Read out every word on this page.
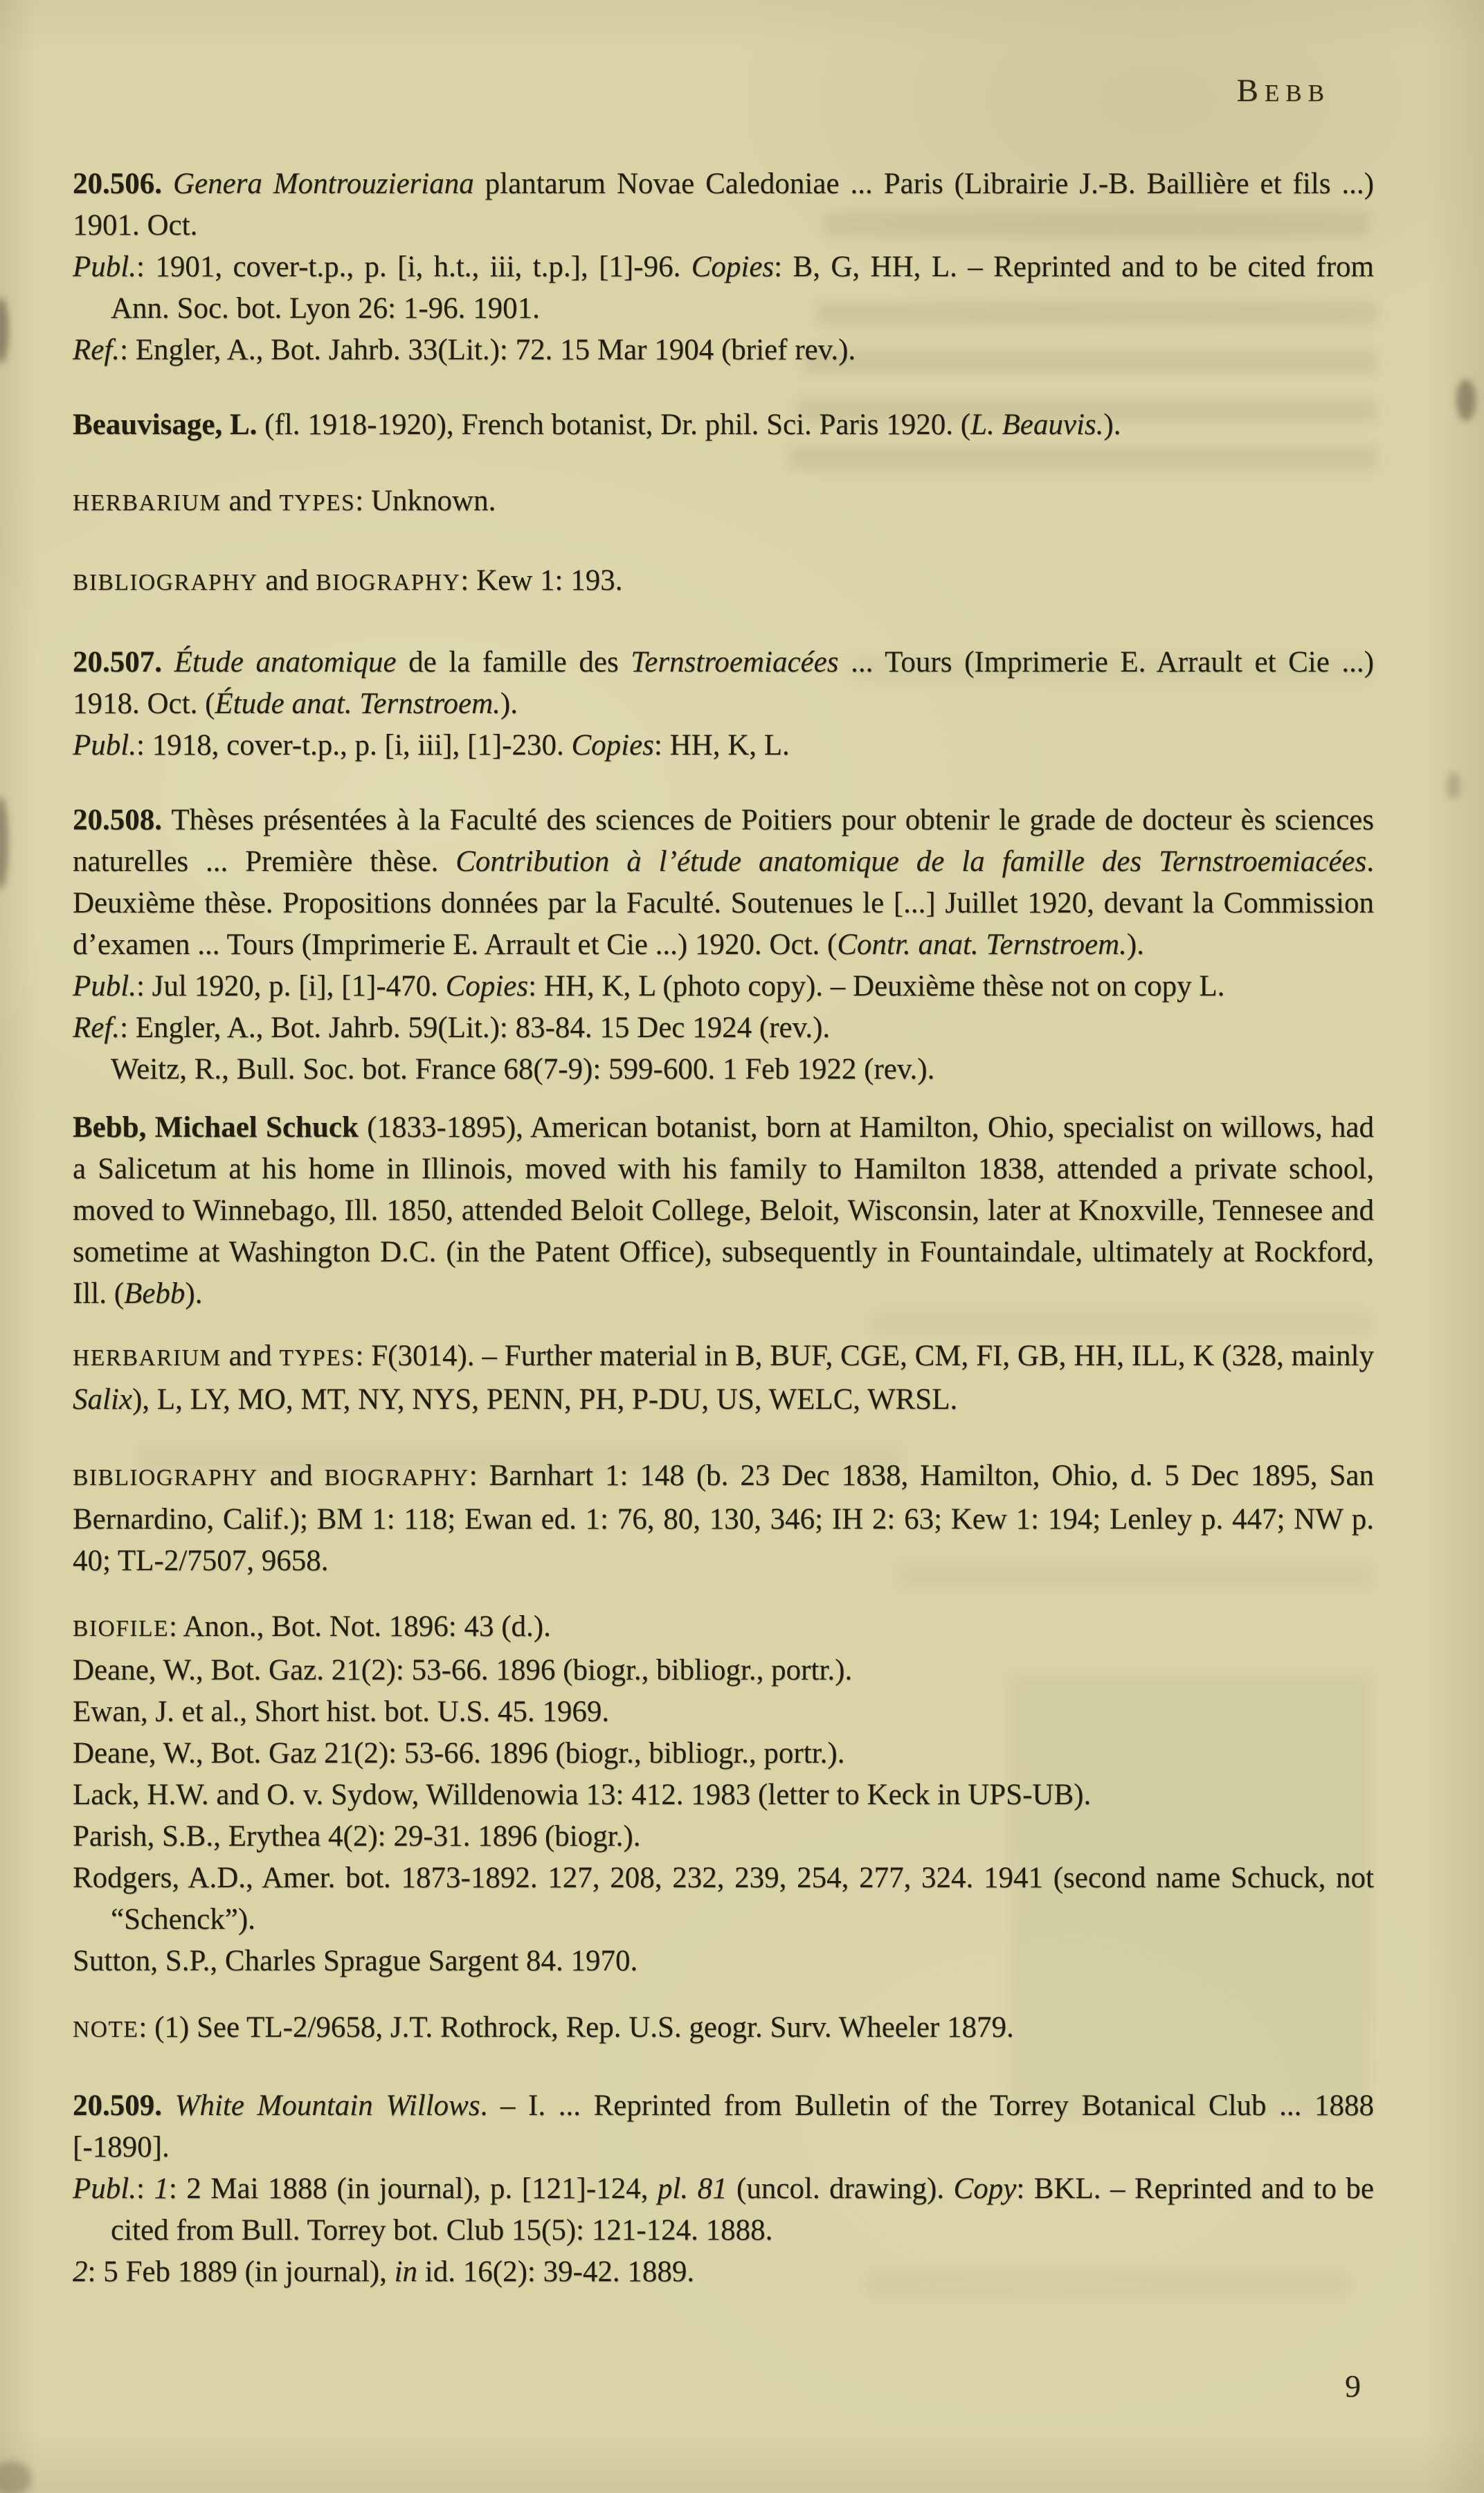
BEBB

20.506. Genera Montrouzieriana plantarum Novae Caledoniae ... Paris (Librairie J.-B. Baillière et fils ...) 1901. Oct.

Publ.: 1901, cover-t.p., p. [i, h.t., iii, t.p.], [1]-96. Copies: B, G, HH, L. – Reprinted and to be cited from Ann. Soc. bot. Lyon 26: 1-96. 1901.

Ref.: Engler, A., Bot. Jahrb. 33(Lit.): 72. 15 Mar 1904 (brief rev.).

Beauvisage, L. (fl. 1918-1920), French botanist, Dr. phil. Sci. Paris 1920. (L. Beauvis.).

HERBARIUM and TYPES: Unknown.

BIBLIOGRAPHY and BIOGRAPHY: Kew 1: 193.

20.507. Étude anatomique de la famille des Ternstroemiacées ... Tours (Imprimerie E. Arrault et Cie ...) 1918. Oct. (Étude anat. Ternstroem.).

Publ.: 1918, cover-t.p., p. [i, iii], [1]-230. Copies: HH, K, L.

20.508. Thèses présentées à la Faculté des sciences de Poitiers pour obtenir le grade de docteur ès sciences naturelles ... Première thèse. Contribution à l’étude anatomique de la famille des Ternstroemiacées. Deuxième thèse. Propositions données par la Faculté. Soutenues le [...] Juillet 1920, devant la Commission d’examen ... Tours (Imprimerie E. Arrault et Cie ...) 1920. Oct. (Contr. anat. Ternstroem.).

Publ.: Jul 1920, p. [i], [1]-470. Copies: HH, K, L (photo copy). – Deuxième thèse not on copy L.

Ref.: Engler, A., Bot. Jahrb. 59(Lit.): 83-84. 15 Dec 1924 (rev.).

Weitz, R., Bull. Soc. bot. France 68(7-9): 599-600. 1 Feb 1922 (rev.).

Bebb, Michael Schuck (1833-1895), American botanist, born at Hamilton, Ohio, specialist on willows, had a Salicetum at his home in Illinois, moved with his family to Hamilton 1838, attended a private school, moved to Winnebago, Ill. 1850, attended Beloit College, Beloit, Wisconsin, later at Knoxville, Tennesee and sometime at Washington D.C. (in the Patent Office), subsequently in Fountaindale, ultimately at Rockford, Ill. (Bebb).

HERBARIUM and TYPES: F(3014). – Further material in B, BUF, CGE, CM, FI, GB, HH, ILL, K (328, mainly Salix), L, LY, MO, MT, NY, NYS, PENN, PH, P-DU, US, WELC, WRSL.

BIBLIOGRAPHY and BIOGRAPHY: Barnhart 1: 148 (b. 23 Dec 1838, Hamilton, Ohio, d. 5 Dec 1895, San Bernardino, Calif.); BM 1: 118; Ewan ed. 1: 76, 80, 130, 346; IH 2: 63; Kew 1: 194; Lenley p. 447; NW p. 40; TL-2/7507, 9658.

BIOFILE: Anon., Bot. Not. 1896: 43 (d.).

Deane, W., Bot. Gaz. 21(2): 53-66. 1896 (biogr., bibliogr., portr.).

Ewan, J. et al., Short hist. bot. U.S. 45. 1969.

Deane, W., Bot. Gaz 21(2): 53-66. 1896 (biogr., bibliogr., portr.).

Lack, H.W. and O. v. Sydow, Willdenowia 13: 412. 1983 (letter to Keck in UPS-UB).

Parish, S.B., Erythea 4(2): 29-31. 1896 (biogr.).

Rodgers, A.D., Amer. bot. 1873-1892. 127, 208, 232, 239, 254, 277, 324. 1941 (second name Schuck, not “Schenck”).

Sutton, S.P., Charles Sprague Sargent 84. 1970.

NOTE: (1) See TL-2/9658, J.T. Rothrock, Rep. U.S. geogr. Surv. Wheeler 1879.

20.509. White Mountain Willows. – I. ... Reprinted from Bulletin of the Torrey Botanical Club ... 1888 [-1890].

Publ.: 1: 2 Mai 1888 (in journal), p. [121]-124, pl. 81 (uncol. drawing). Copy: BKL. – Reprinted and to be cited from Bull. Torrey bot. Club 15(5): 121-124. 1888.

2: 5 Feb 1889 (in journal), in id. 16(2): 39-42. 1889.

9
